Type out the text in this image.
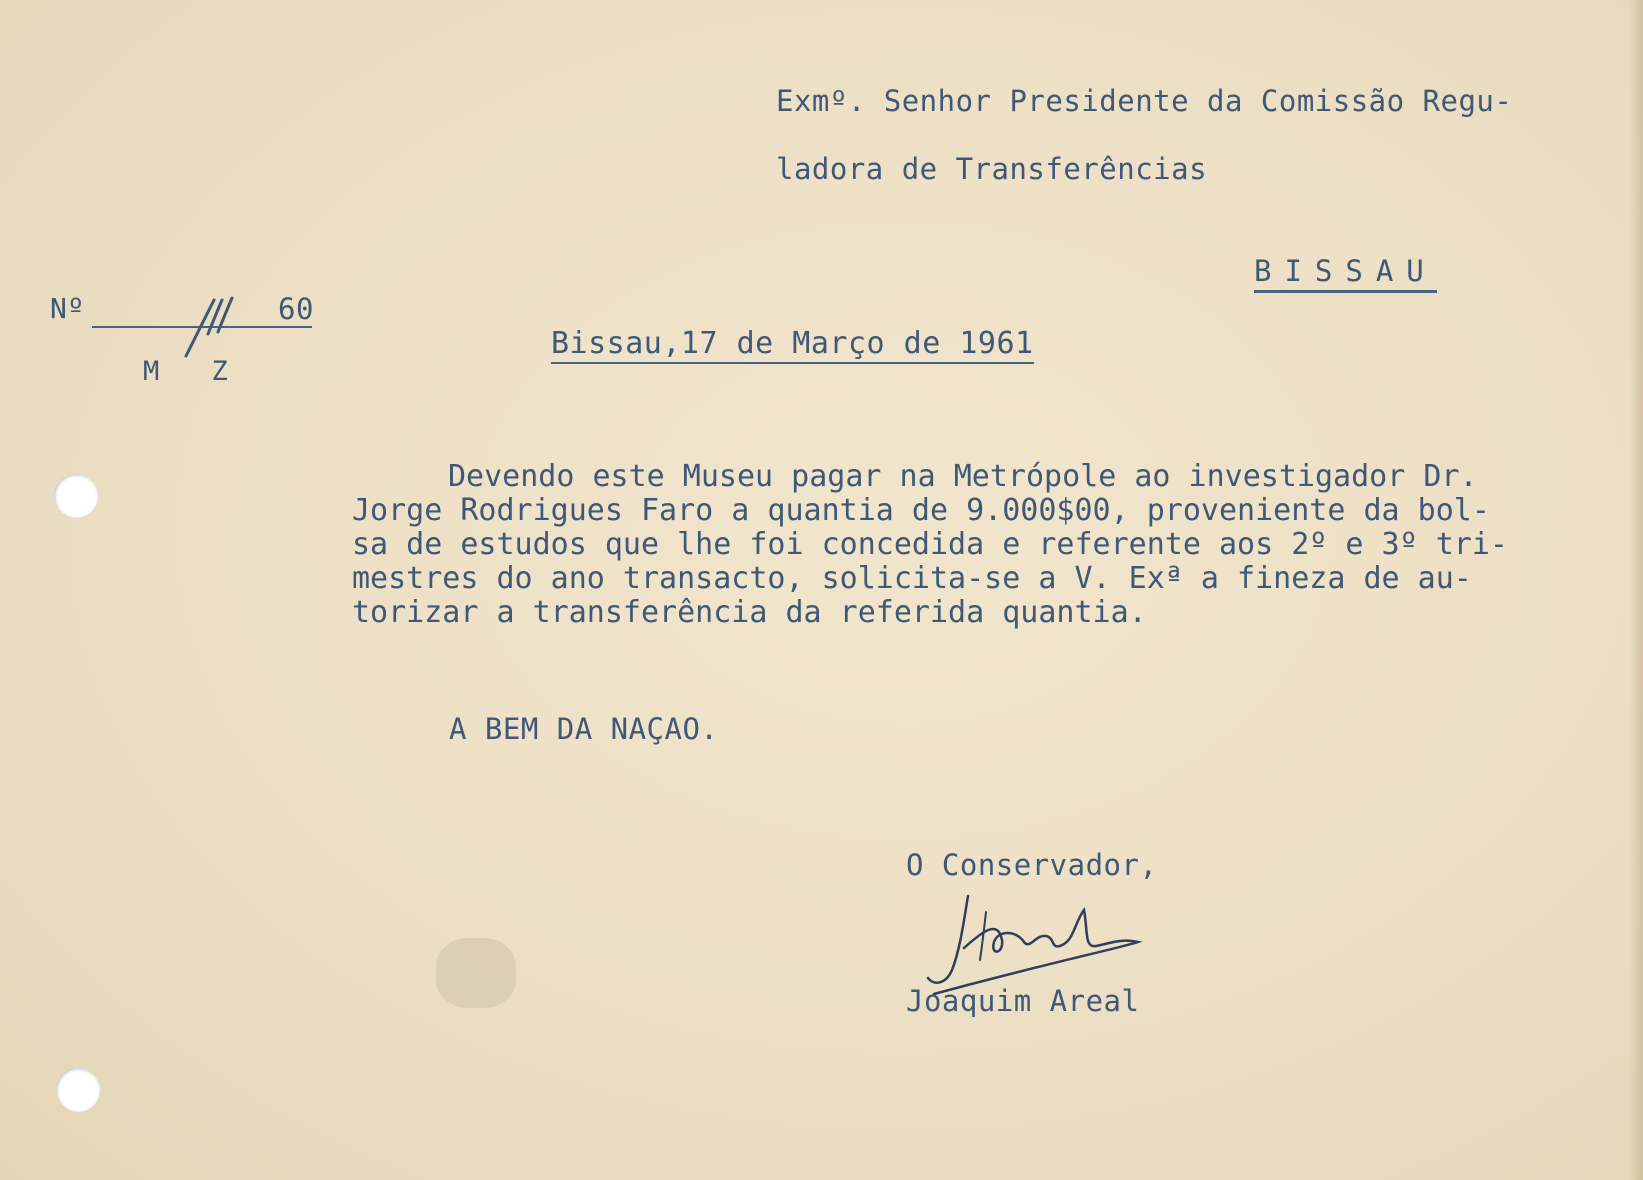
Exmº. Senhor Presidente da Comissão Regu-
ladora de Transferências
BISSAU
Nº	60
M Z
Bissau,17 de Março de 1961

Devendo este Museu pagar na Metrópole ao investigador Dr.

Jorge Rodrigues Faro a quantia de 9.000$00, proveniente da bol-

sa de estudos que lhe foi concedida e referente aos 2º e 3º tri-

mestres do ano transacto, solicita-se a V. Exª a fineza de au-

torizar a transferência da referida quantia.

A BEM DA NAÇAO.
O Conservador,
Joaquim Areal
